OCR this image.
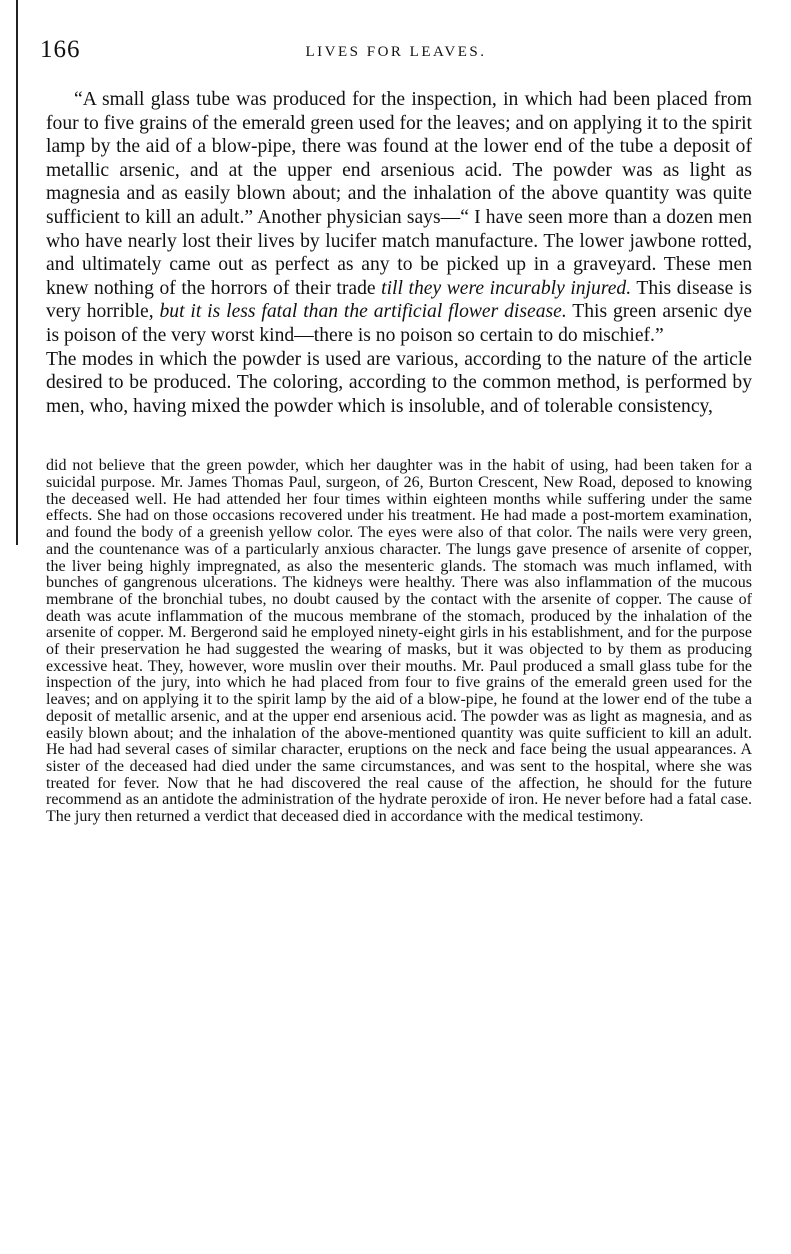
166	LIVES FOR LEAVES.

“A small glass tube was produced for the inspection, in which had been placed from four to five grains of the emerald green used for the leaves; and on applying it to the spirit lamp by the aid of a blow-pipe, there was found at the lower end of the tube a deposit of metallic arsenic, and at the upper end arsenious acid. The powder was as light as magnesia and as easily blown about; and the inhalation of the above quantity was quite sufficient to kill an adult.” Another physician says—“ I have seen more than a dozen men who have nearly lost their lives by lucifer match manufacture. The lower jawbone rotted, and ultimately came out as perfect as any to be picked up in a graveyard. These men knew nothing of the horrors of their trade till they were incurably injured. This disease is very horrible, but it is less fatal than the artificial flower disease. This green arsenic dye is poison of the very worst kind—there is no poison so certain to do mischief.”

The modes in which the powder is used are various, according to the nature of the article desired to be produced. The coloring, according to the common method, is performed by men, who, having mixed the powder which is insoluble, and of tolerable consistency,

did not believe that the green powder, which her daughter was in the habit of using, had been taken for a suicidal purpose. Mr. James Thomas Paul, surgeon, of 26, Burton Crescent, New Road, deposed to knowing the deceased well. He had attended her four times within eighteen months while suffering under the same effects. She had on those occasions recovered under his treatment. He had made a post-mortem examination, and found the body of a greenish yellow color. The eyes were also of that color. The nails were very green, and the countenance was of a particularly anxious character. The lungs gave presence of arsenite of copper, the liver being highly impregnated, as also the mesenteric glands. The stomach was much inflamed, with bunches of gangrenous ulcerations. The kidneys were healthy. There was also inflammation of the mucous membrane of the bronchial tubes, no doubt caused by the contact with the arsenite of copper. The cause of death was acute inflammation of the mucous membrane of the stomach, produced by the inhalation of the arsenite of copper. M. Bergerond said he employed ninety-eight girls in his establishment, and for the purpose of their preservation he had suggested the wearing of masks, but it was objected to by them as producing excessive heat. They, however, wore muslin over their mouths. Mr. Paul produced a small glass tube for the inspection of the jury, into which he had placed from four to five grains of the emerald green used for the leaves; and on applying it to the spirit lamp by the aid of a blow-pipe, he found at the lower end of the tube a deposit of metallic arsenic, and at the upper end arsenious acid. The powder was as light as magnesia, and as easily blown about; and the inhalation of the above-mentioned quantity was quite sufficient to kill an adult. He had had several cases of similar character, eruptions on the neck and face being the usual appearances. A sister of the deceased had died under the same circumstances, and was sent to the hospital, where she was treated for fever. Now that he had discovered the real cause of the affection, he should for the future recommend as an antidote the administration of the hydrate peroxide of iron. He never before had a fatal case. The jury then returned a verdict that deceased died in accordance with the medical testimony.
